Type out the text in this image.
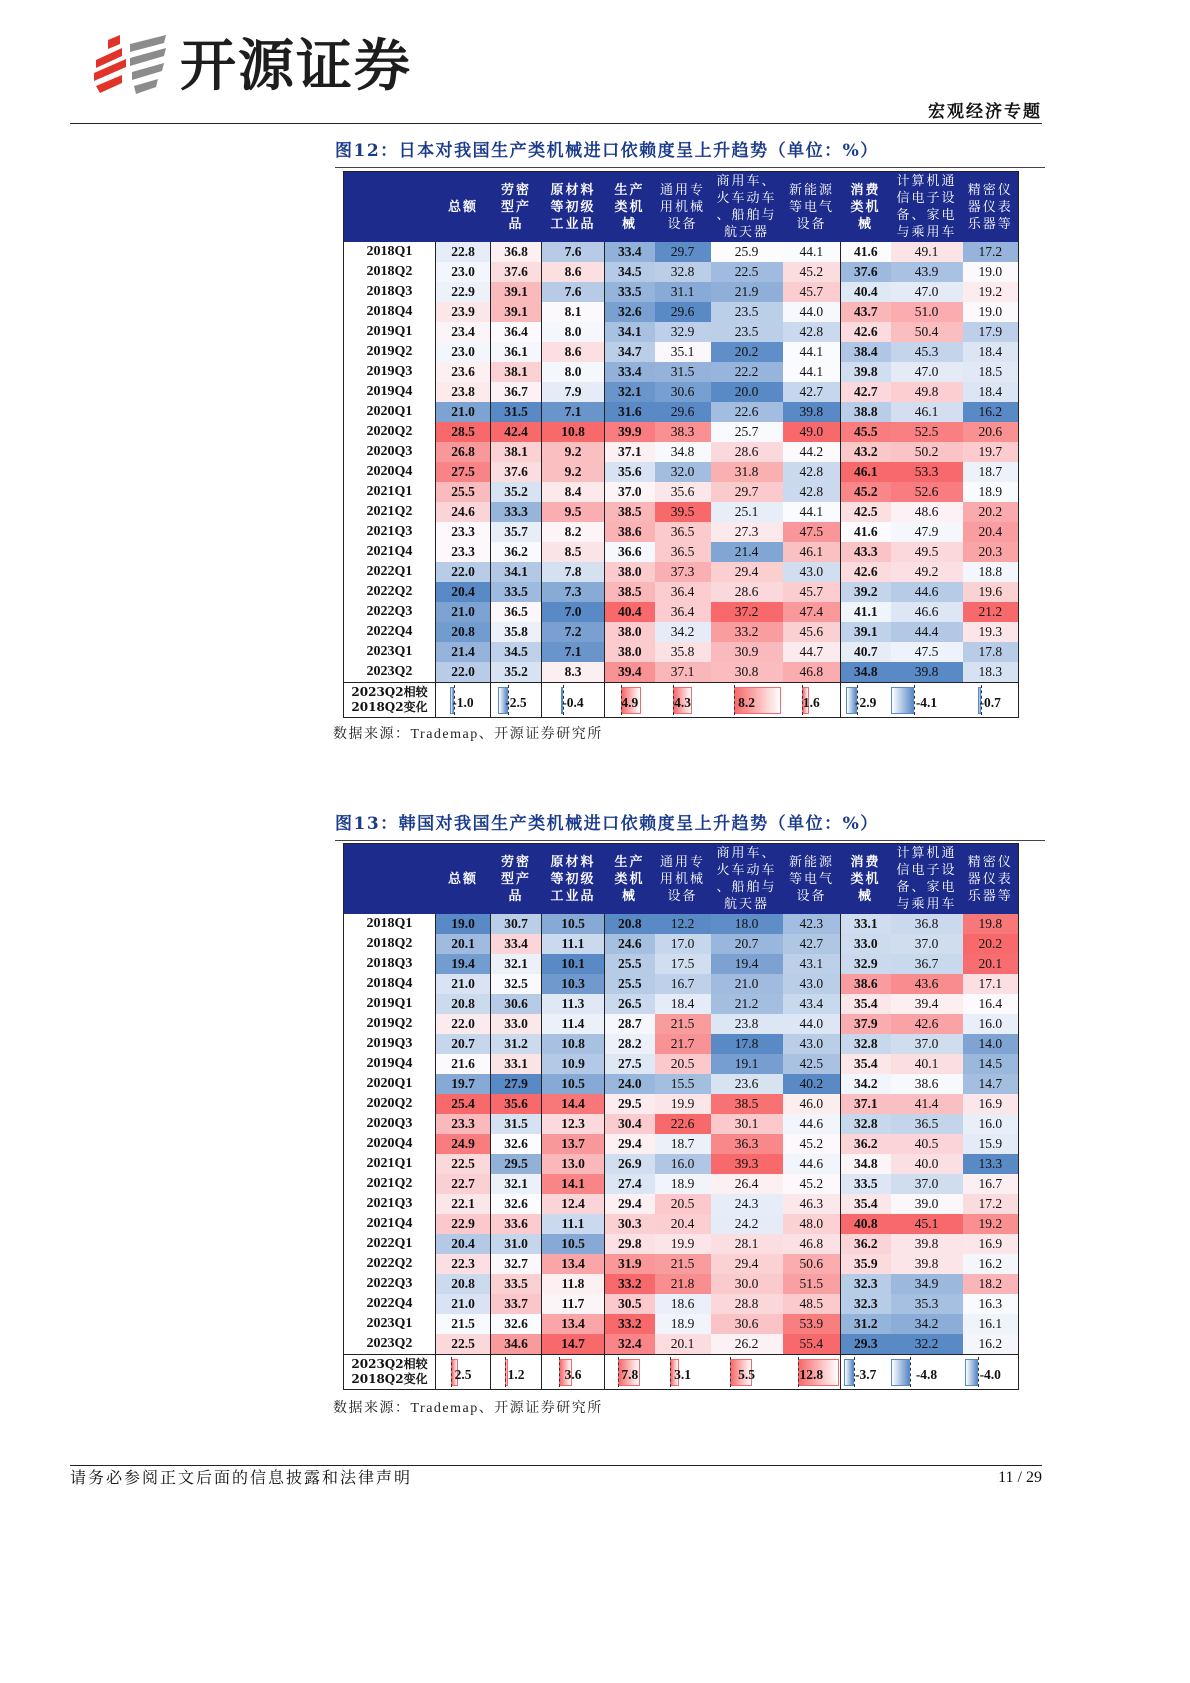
开源证券
宏观经济专题
图12：日本对我国生产类机械进口依赖度呈上升趋势（单位：%）

	总额	劳密
型产
品	原材料
等初级
工业品	生产
类机
械	通用专
用机械
设备	商用车、
火车动车
、船舶与
航天器	新能源
等电气
设备	消费
类机
械	计算机通
信电子设
备、家电
与乘用车	精密仪
器仪表
乐器等

2018Q1	22.8	36.8	7.6	33.4	29.7	25.9	44.1	41.6	49.1	17.2
2018Q2	23.0	37.6	8.6	34.5	32.8	22.5	45.2	37.6	43.9	19.0
2018Q3	22.9	39.1	7.6	33.5	31.1	21.9	45.7	40.4	47.0	19.2
2018Q4	23.9	39.1	8.1	32.6	29.6	23.5	44.0	43.7	51.0	19.0
2019Q1	23.4	36.4	8.0	34.1	32.9	23.5	42.8	42.6	50.4	17.9
2019Q2	23.0	36.1	8.6	34.7	35.1	20.2	44.1	38.4	45.3	18.4
2019Q3	23.6	38.1	8.0	33.4	31.5	22.2	44.1	39.8	47.0	18.5
2019Q4	23.8	36.7	7.9	32.1	30.6	20.0	42.7	42.7	49.8	18.4
2020Q1	21.0	31.5	7.1	31.6	29.6	22.6	39.8	38.8	46.1	16.2
2020Q2	28.5	42.4	10.8	39.9	38.3	25.7	49.0	45.5	52.5	20.6
2020Q3	26.8	38.1	9.2	37.1	34.8	28.6	44.2	43.2	50.2	19.7
2020Q4	27.5	37.6	9.2	35.6	32.0	31.8	42.8	46.1	53.3	18.7
2021Q1	25.5	35.2	8.4	37.0	35.6	29.7	42.8	45.2	52.6	18.9
2021Q2	24.6	33.3	9.5	38.5	39.5	25.1	44.1	42.5	48.6	20.2
2021Q3	23.3	35.7	8.2	38.6	36.5	27.3	47.5	41.6	47.9	20.4
2021Q4	23.3	36.2	8.5	36.6	36.5	21.4	46.1	43.3	49.5	20.3
2022Q1	22.0	34.1	7.8	38.0	37.3	29.4	43.0	42.6	49.2	18.8
2022Q2	20.4	33.5	7.3	38.5	36.4	28.6	45.7	39.2	44.6	19.6
2022Q3	21.0	36.5	7.0	40.4	36.4	37.2	47.4	41.1	46.6	21.2
2022Q4	20.8	35.8	7.2	38.0	34.2	33.2	45.6	39.1	44.4	19.3
2023Q1	21.4	34.5	7.1	38.0	35.8	30.9	44.7	40.7	47.5	17.8
2023Q2	22.0	35.2	8.3	39.4	37.1	30.8	46.8	34.8	39.8	18.3

2023Q2相较
2018Q2变化	-1.0	-2.5	-0.4	4.9	4.3	8.2	1.6	-2.9	-4.1	-0.7
数据来源：Trademap、开源证券研究所
图13：韩国对我国生产类机械进口依赖度呈上升趋势（单位：%）

	总额	劳密
型产
品	原材料
等初级
工业品	生产
类机
械	通用专
用机械
设备	商用车、
火车动车
、船舶与
航天器	新能源
等电气
设备	消费
类机
械	计算机通
信电子设
备、家电
与乘用车	精密仪
器仪表
乐器等

2018Q1	19.0	30.7	10.5	20.8	12.2	18.0	42.3	33.1	36.8	19.8
2018Q2	20.1	33.4	11.1	24.6	17.0	20.7	42.7	33.0	37.0	20.2
2018Q3	19.4	32.1	10.1	25.5	17.5	19.4	43.1	32.9	36.7	20.1
2018Q4	21.0	32.5	10.3	25.5	16.7	21.0	43.0	38.6	43.6	17.1
2019Q1	20.8	30.6	11.3	26.5	18.4	21.2	43.4	35.4	39.4	16.4
2019Q2	22.0	33.0	11.4	28.7	21.5	23.8	44.0	37.9	42.6	16.0
2019Q3	20.7	31.2	10.8	28.2	21.7	17.8	43.0	32.8	37.0	14.0
2019Q4	21.6	33.1	10.9	27.5	20.5	19.1	42.5	35.4	40.1	14.5
2020Q1	19.7	27.9	10.5	24.0	15.5	23.6	40.2	34.2	38.6	14.7
2020Q2	25.4	35.6	14.4	29.5	19.9	38.5	46.0	37.1	41.4	16.9
2020Q3	23.3	31.5	12.3	30.4	22.6	30.1	44.6	32.8	36.5	16.0
2020Q4	24.9	32.6	13.7	29.4	18.7	36.3	45.2	36.2	40.5	15.9
2021Q1	22.5	29.5	13.0	26.9	16.0	39.3	44.6	34.8	40.0	13.3
2021Q2	22.7	32.1	14.1	27.4	18.9	26.4	45.2	33.5	37.0	16.7
2021Q3	22.1	32.6	12.4	29.4	20.5	24.3	46.3	35.4	39.0	17.2
2021Q4	22.9	33.6	11.1	30.3	20.4	24.2	48.0	40.8	45.1	19.2
2022Q1	20.4	31.0	10.5	29.8	19.9	28.1	46.8	36.2	39.8	16.9
2022Q2	22.3	32.7	13.4	31.9	21.5	29.4	50.6	35.9	39.8	16.2
2022Q3	20.8	33.5	11.8	33.2	21.8	30.0	51.5	32.3	34.9	18.2
2022Q4	21.0	33.7	11.7	30.5	18.6	28.8	48.5	32.3	35.3	16.3
2023Q1	21.5	32.6	13.4	33.2	18.9	30.6	53.9	31.2	34.2	16.1
2023Q2	22.5	34.6	14.7	32.4	20.1	26.2	55.4	29.3	32.2	16.2

2023Q2相较
2018Q2变化	2.5	1.2	3.6	7.8	3.1	5.5	12.8	-3.7	-4.8	-4.0
数据来源：Trademap、开源证券研究所
请务必参阅正文后面的信息披露和法律声明	11 / 29
